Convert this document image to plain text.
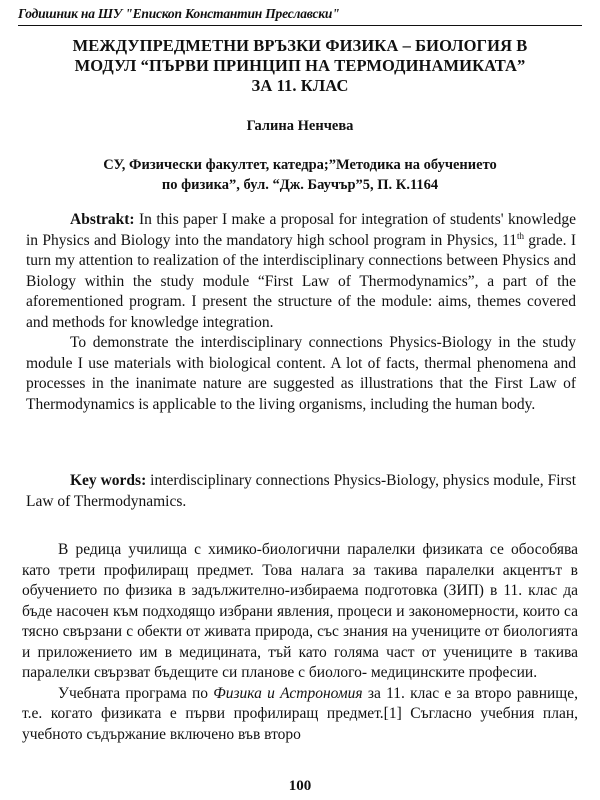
Годишник на ШУ "Епископ Константин Преславски"
МЕЖДУПРЕДМЕТНИ ВРЪЗКИ ФИЗИКА – БИОЛОГИЯ В
МОДУЛ “ПЪРВИ ПРИНЦИП НА ТЕРМОДИНАМИКАТА”
ЗА 11. КЛАС
Галина Ненчева
СУ, Физически факултет, катедра;”Методика на обучението
по физика”, бул. “Дж. Баучър”5, П. К.1164

Abstrakt: In this paper I make a proposal for integration of students' knowledge in Physics and Biology into the mandatory high school program in Physics, 11th grade. I turn my attention to realization of the interdisciplinary connections between Physics and Biology within the study module “First Law of Thermodynamics”, a part of the aforementioned program. I present the structure of the module: aims, themes covered and methods for knowledge integration.

To demonstrate the interdisciplinary connections Physics-Biology in the study module I use materials with biological content. A lot of facts, thermal phenomena and processes in the inanimate nature are suggested as illustrations that the First Law of Thermodynamics is applicable to the living organisms, including the human body.

Key words: interdisciplinary connections Physics-Biology, physics module, First Law of Thermodynamics.

В редица училища с химико-биологични паралелки физиката се обособява като трети профилиращ предмет. Това налага за такива паралелки акцентът в обучението по физика в задължително-избираема подготовка (ЗИП) в 11. клас да бъде насочен към подходящо избрани явления, процеси и закономерности, които са тясно свързани с обекти от живата природа, със знания на учениците от биологията и приложението им в медицината, тъй като голяма част от учениците в такива паралелки свързват бъдещите си планове с биолого- медицинските професии.

Учебната програма по Физика и Астрономия за 11. клас е за второ равнище, т.е. когато физиката е първи профилиращ предмет.[1] Съгласно учебния план, учебното съдържание включено във второ

100
